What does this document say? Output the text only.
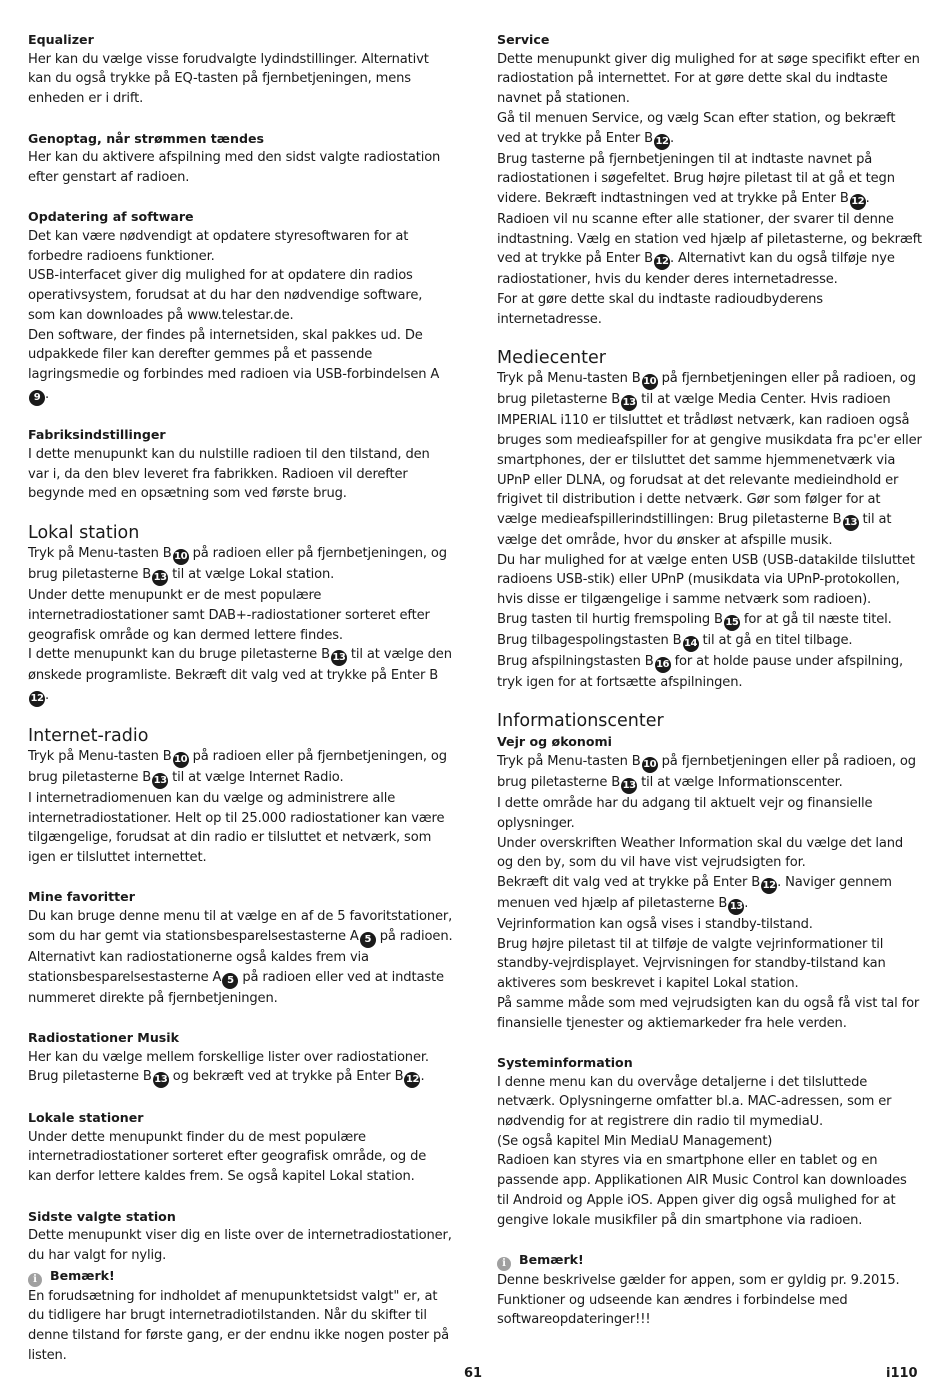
Equalizer

Her kan du vælge visse forudvalgte lydindstillinger. Alternativt kan du også trykke på EQ-tasten på fjernbetjeningen, mens enheden er i drift.

Genoptag, når strømmen tændes

Her kan du aktivere afspilning med den sidst valgte radiostation efter genstart af radioen.

Opdatering af software

Det kan være nødvendigt at opdatere styresoftwaren for at forbedre radioens funktioner.

USB-interfacet giver dig mulighed for at opdatere din radios operativsystem, forudsat at du har den nødvendige software, som kan downloades på www.telestar.de.

Den software, der findes på internetsiden, skal pakkes ud. De udpakkede filer kan derefter gemmes på et passende lagringsmedie og forbindes med radioen via USB-forbindelsen A9 .

Fabriksindstillinger

I dette menupunkt kan du nulstille radioen til den tilstand, den var i, da den blev leveret fra fabrikken. Radioen vil derefter begynde med en opsætning som ved første brug.

Lokal station

Tryk på Menu-tasten B 10 på radioen eller på fjernbetjeningen, og brug piletasterne B 13 til at vælge Lokal station.

Under dette menupunkt er de mest populære internetradiostationer samt DAB+-radiostationer sorteret efter geografisk område og kan dermed lettere findes.

I dette menupunkt kan du bruge piletasterne B 13 til at vælge den ønskede programliste. Bekræft dit valg ved at trykke på Enter B12 .

Internet-radio

Tryk på Menu-tasten B 10 på radioen eller på fjernbetjeningen, og brug piletasterne B 13 til at vælge Internet Radio.

I internetradiomenuen kan du vælge og administrere alle internetradiostationer. Helt op til 25.000 radiostationer kan være tilgængelige, forudsat at din radio er tilsluttet et netværk, som igen er tilsluttet internettet.

Mine favoritter

Du kan bruge denne menu til at vælge en af de 5 favoritstationer, som du har gemt via stationsbesparelsestasterne A 5 på radioen. Alternativt kan radiostationerne også kaldes frem via stationsbesparelsestasterne A 5 på radioen eller ved at indtaste nummeret direkte på fjernbetjeningen.

Radiostationer Musik

Her kan du vælge mellem forskellige lister over radiostationer. Brug piletasterne B 13 og bekræft ved at trykke på Enter B 12 .

Lokale stationer

Under dette menupunkt finder du de mest populære internetradiostationer sorteret efter geografisk område, og de kan derfor lettere kaldes frem. Se også kapitel Lokal station.

Sidste valgte station

Dette menupunkt viser dig en liste over de internetradiostationer, du har valgt for nylig.

i Bemærk!

En forudsætning for indholdet af menupunktetsidst valgt" er, at du tidligere har brugt internetradiotilstanden. Når du skifter til denne tilstand for første gang, er der endnu ikke nogen poster på listen.

Service

Dette menupunkt giver dig mulighed for at søge specifikt efter en radiostation på internettet. For at gøre dette skal du indtaste navnet på stationen.

Gå til menuen Service, og vælg Scan efter station, og bekræft ved at trykke på Enter B 12 .

Brug tasterne på fjernbetjeningen til at indtaste navnet på radiostationen i søgefeltet. Brug højre piletast til at gå et tegn videre. Bekræft indtastningen ved at trykke på Enter B 12 .

Radioen vil nu scanne efter alle stationer, der svarer til denne indtastning. Vælg en station ved hjælp af piletasterne, og bekræft ved at trykke på Enter B 12 . Alternativt kan du også tilføje nye radiostationer, hvis du kender deres internetadresse.

For at gøre dette skal du indtaste radioudbyderens internetadresse.

Mediecenter

Tryk på Menu-tasten B 10 på fjernbetjeningen eller på radioen, og brug piletasterne B 13 til at vælge Media Center. Hvis radioen IMPERIAL i110 er tilsluttet et trådløst netværk, kan radioen også bruges som medieafspiller for at gengive musikdata fra pc'er eller smartphones, der er tilsluttet det samme hjemmenetværk via UPnP eller DLNA, og forudsat at det relevante medieindhold er frigivet til distribution i dette netværk. Gør som følger for at vælge medieafspillerindstillingen: Brug piletasterne B 13 til at vælge det område, hvor du ønsker at afspille musik.

Du har mulighed for at vælge enten USB (USB-datakilde tilsluttet radioens USB-stik) eller UPnP (musikdata via UPnP-protokollen, hvis disse er tilgængelige i samme netværk som radioen).

Brug tasten til hurtig fremspoling B 15 for at gå til næste titel. Brug tilbagespolingstasten B 14 til at gå en titel tilbage.

Brug afspilningstasten B 16 for at holde pause under afspilning, tryk igen for at fortsætte afspilningen.

Informationscenter
Vejr og økonomi

Tryk på Menu-tasten B 10 på fjernbetjeningen eller på radioen, og brug piletasterne B 13 til at vælge Informationscenter.

I dette område har du adgang til aktuelt vejr og finansielle oplysninger.

Under overskriften Weather Information skal du vælge det land og den by, som du vil have vist vejrudsigten for.

Bekræft dit valg ved at trykke på Enter B 12 . Naviger gennem menuen ved hjælp af piletasterne B 13 .

Vejrinformation kan også vises i standby-tilstand.

Brug højre piletast til at tilføje de valgte vejrinformationer til standby-vejrdisplayet. Vejrvisningen for standby-tilstand kan aktiveres som beskrevet i kapitel Lokal station.

På samme måde som med vejrudsigten kan du også få vist tal for finansielle tjenester og aktiemarkeder fra hele verden.

Systeminformation

I denne menu kan du overvåge detaljerne i det tilsluttede netværk. Oplysningerne omfatter bl.a. MAC-adressen, som er nødvendig for at registrere din radio til mymediaU.

(Se også kapitel Min MediaU Management)

Radioen kan styres via en smartphone eller en tablet og en passende app. Applikationen AIR Music Control kan downloades til Android og Apple iOS. Appen giver dig også mulighed for at gengive lokale musikfiler på din smartphone via radioen.

i Bemærk!

Denne beskrivelse gælder for appen, som er gyldig pr. 9.2015. Funktioner og udseende kan ændres i forbindelse med softwareopdateringer!!!

61	i110
